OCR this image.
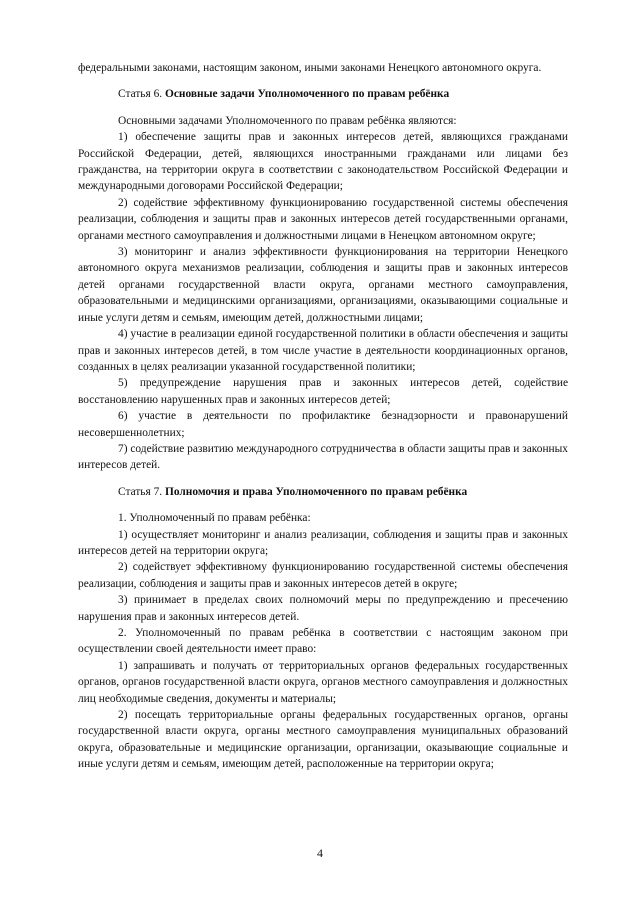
федеральными законами, настоящим законом, иными законами Ненецкого автономного округа.

Статья 6. Основные задачи Уполномоченного по правам ребёнка

Основными задачами Уполномоченного по правам ребёнка являются:

1) обеспечение защиты прав и законных интересов детей, являющихся гражданами Российской Федерации, детей, являющихся иностранными гражданами или лицами без гражданства, на территории округа в соответствии с законодательством Российской Федерации и международными договорами Российской Федерации;

2) содействие эффективному функционированию государственной системы обеспечения реализации, соблюдения и защиты прав и законных интересов детей государственными органами, органами местного самоуправления и должностными лицами в Ненецком автономном округе;

3) мониторинг и анализ эффективности функционирования на территории Ненецкого автономного округа механизмов реализации, соблюдения и защиты прав и законных интересов детей органами государственной власти округа, органами местного самоуправления, образовательными и медицинскими организациями, организациями, оказывающими социальные и иные услуги детям и семьям, имеющим детей, должностными лицами;

4) участие в реализации единой государственной политики в области обеспечения и защиты прав и законных интересов детей, в том числе участие в деятельности координационных органов, созданных в целях реализации указанной государственной политики;

5) предупреждение нарушения прав и законных интересов детей, содействие восстановлению нарушенных прав и законных интересов детей;

6) участие в деятельности по профилактике безнадзорности и правонарушений несовершеннолетних;

7) содействие развитию международного сотрудничества в области защиты прав и законных интересов детей.

Статья 7. Полномочия и права Уполномоченного по правам ребёнка

1. Уполномоченный по правам ребёнка:

1) осуществляет мониторинг и анализ реализации, соблюдения и защиты прав и законных интересов детей на территории округа;

2) содействует эффективному функционированию государственной системы обеспечения реализации, соблюдения и защиты прав и законных интересов детей в округе;

3) принимает в пределах своих полномочий меры по предупреждению и пресечению нарушения прав и законных интересов детей.

2. Уполномоченный по правам ребёнка в соответствии с настоящим законом при осуществлении своей деятельности имеет право:

1) запрашивать и получать от территориальных органов федеральных государственных органов, органов государственной власти округа, органов местного самоуправления и должностных лиц необходимые сведения, документы и материалы;

2) посещать территориальные органы федеральных государственных органов, органы государственной власти округа, органы местного самоуправления муниципальных образований округа, образовательные и медицинские организации, организации, оказывающие социальные и иные услуги детям и семьям, имеющим детей, расположенные на территории округа;

4
